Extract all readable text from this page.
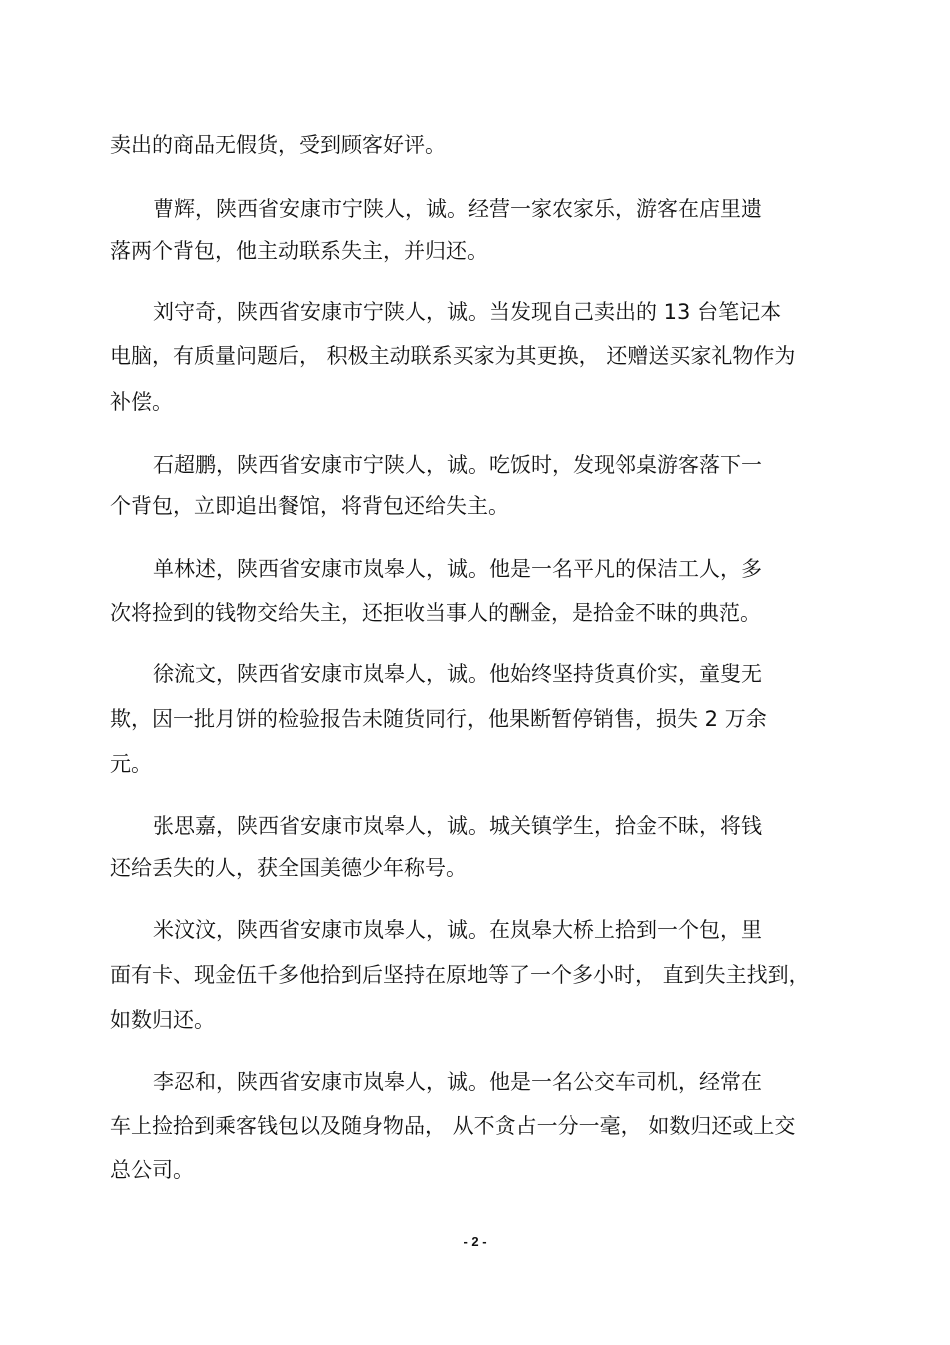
卖出的商品无假货，受到顾客好评。
曹辉，陕西省安康市宁陕人，诚。经营一家农家乐，游客在店里遗
落两个背包，他主动联系失主，并归还。
刘守奇，陕西省安康市宁陕人，诚。当发现自己卖出的 13 台笔记本
电脑，有质量问题后， 积极主动联系买家为其更换， 还赠送买家礼物作为
补偿。
石超鹏，陕西省安康市宁陕人，诚。吃饭时，发现邻桌游客落下一
个背包，立即追出餐馆，将背包还给失主。
单林述，陕西省安康市岚皋人，诚。他是一名平凡的保洁工人，多
次将捡到的钱物交给失主，还拒收当事人的酬金，是拾金不昧的典范。
徐流文，陕西省安康市岚皋人，诚。他始终坚持货真价实，童叟无
欺，因一批月饼的检验报告未随货同行，他果断暂停销售，损失 2 万余
元。
张思嘉，陕西省安康市岚皋人，诚。城关镇学生，拾金不昧，将钱
还给丢失的人，获全国美德少年称号。
米汶汶，陕西省安康市岚皋人，诚。在岚皋大桥上拾到一个包，里
面有卡、现金伍千多他拾到后坚持在原地等了一个多小时， 直到失主找到，
如数归还。
李忍和，陕西省安康市岚皋人，诚。他是一名公交车司机，经常在
车上捡拾到乘客钱包以及随身物品， 从不贪占一分一毫， 如数归还或上交
总公司。
- 2 -
